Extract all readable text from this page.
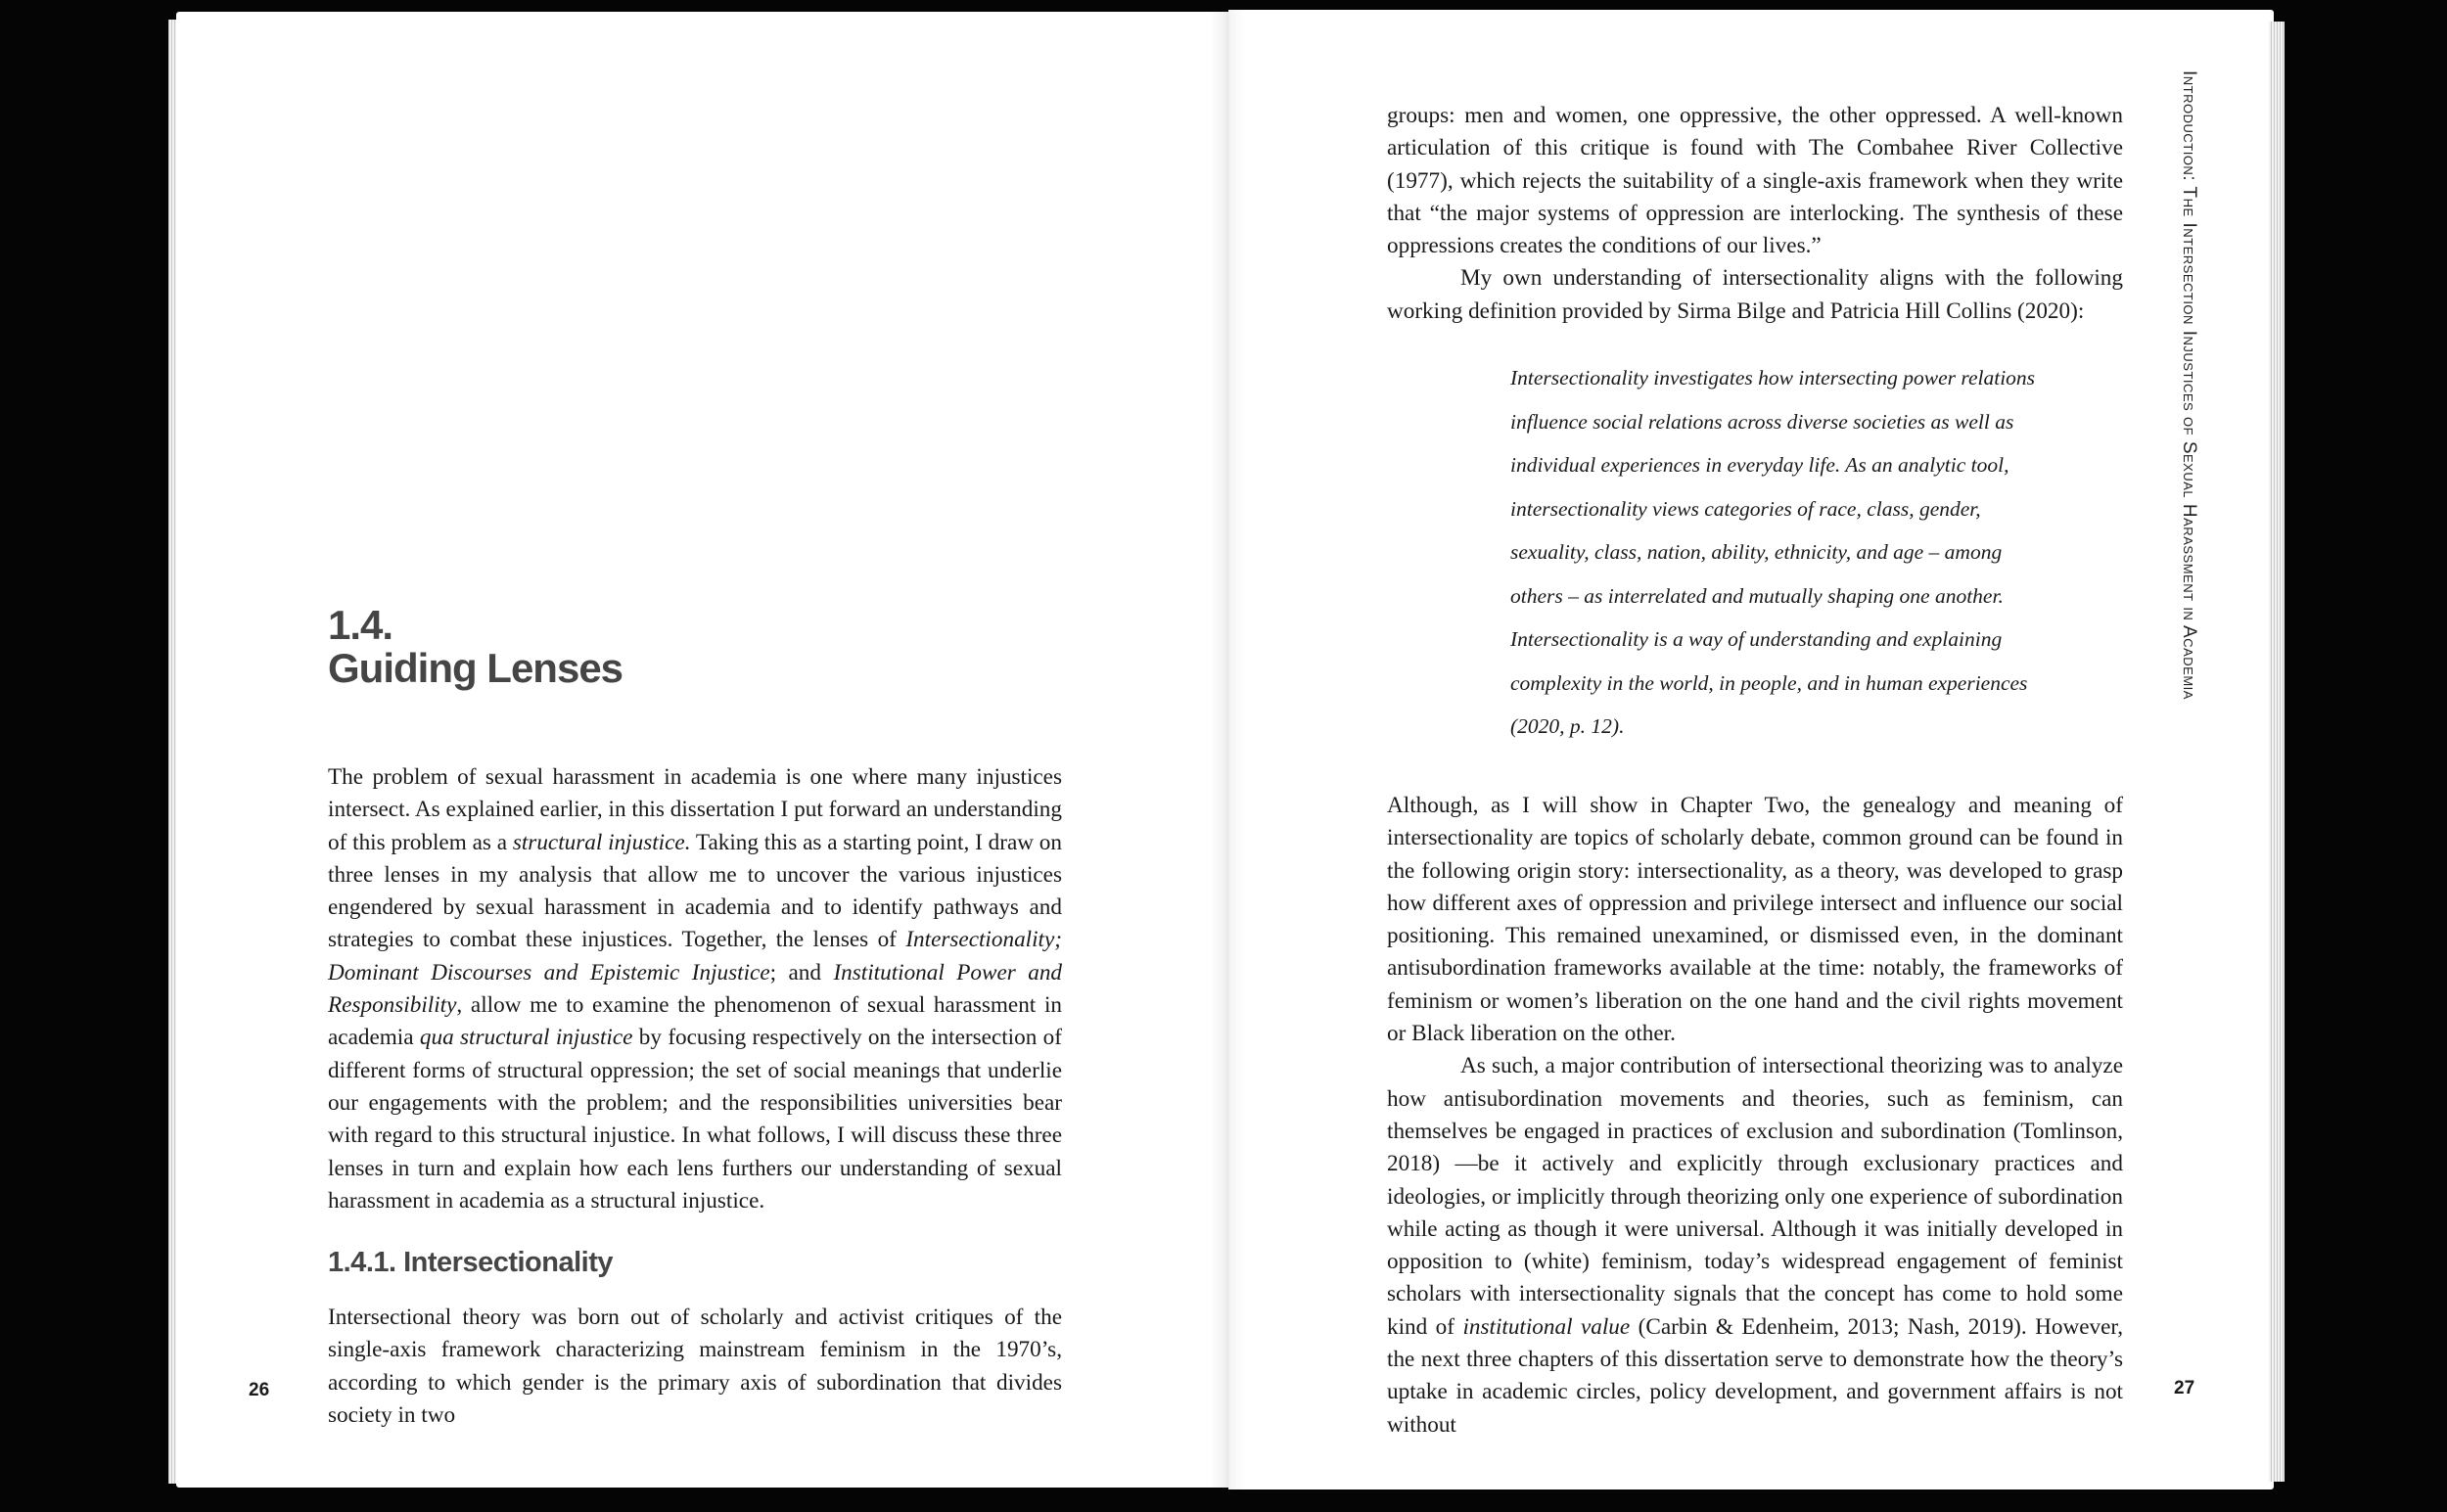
1.4.
Guiding Lenses

The problem of sexual harassment in academia is one where many injustices intersect. As explained earlier, in this dissertation I put forward an understanding of this problem as a structural injustice. Taking this as a starting point, I draw on three lenses in my analysis that allow me to uncover the various injustices engendered by sexual harassment in academia and to identify pathways and strategies to combat these injustices. Together, the lenses of Intersectionality; Dominant Discourses and Epistemic Injustice; and Institutional Power and Responsibility, allow me to examine the phenomenon of sexual harassment in academia qua structural injustice by focusing respectively on the intersection of different forms of structural oppression; the set of social meanings that underlie our engagements with the problem; and the responsibilities universities bear with regard to this structural injustice. In what follows, I will discuss these three lenses in turn and explain how each lens furthers our understanding of sexual harassment in academia as a structural injustice.

1.4.1. Intersectionality

Intersectional theory was born out of scholarly and activist critiques of the single-axis framework characterizing mainstream feminism in the 1970’s, according to which gender is the primary axis of subordination that divides society in two

26

groups: men and women, one oppressive, the other oppressed. A well-known articulation of this critique is found with The Combahee River Collective (1977), which rejects the suitability of a single-axis framework when they write that “the major systems of oppression are interlocking. The synthesis of these oppressions creates the conditions of our lives.”
My own understanding of intersectionality aligns with the following working definition provided by Sirma Bilge and Patricia Hill Collins (2020):

Intersectionality investigates how intersecting power relations influence social relations across diverse societies as well as individual experiences in everyday life. As an analytic tool, intersectionality views categories of race, class, gender, sexuality, class, nation, ability, ethnicity, and age – among others – as interrelated and mutually shaping one another. Intersectionality is a way of understanding and explaining complexity in the world, in people, and in human experiences (2020, p. 12).

Although, as I will show in Chapter Two, the genealogy and meaning of intersectionality are topics of scholarly debate, common ground can be found in the following origin story: intersectionality, as a theory, was developed to grasp how different axes of oppression and privilege intersect and influence our social positioning. This remained unexamined, or dismissed even, in the dominant antisubordination frameworks available at the time: notably, the frameworks of feminism or women’s liberation on the one hand and the civil rights movement or Black liberation on the other.

As such, a major contribution of intersectional theorizing was to analyze how antisubordination movements and theories, such as feminism, can themselves be engaged in practices of exclusion and subordination (Tomlinson, 2018) —be it actively and explicitly through exclusionary practices and ideologies, or implicitly through theorizing only one experience of subordination while acting as though it were universal. Although it was initially developed in opposition to (white) feminism, today’s widespread engagement of feminist scholars with intersectionality signals that the concept has come to hold some kind of institutional value (Carbin & Edenheim, 2013; Nash, 2019). However, the next three chapters of this dissertation serve to demonstrate how the theory’s uptake in academic circles, policy development, and government affairs is not without

Introduction: The Intersection Injustices of Sexual Harassment in Academia
27
